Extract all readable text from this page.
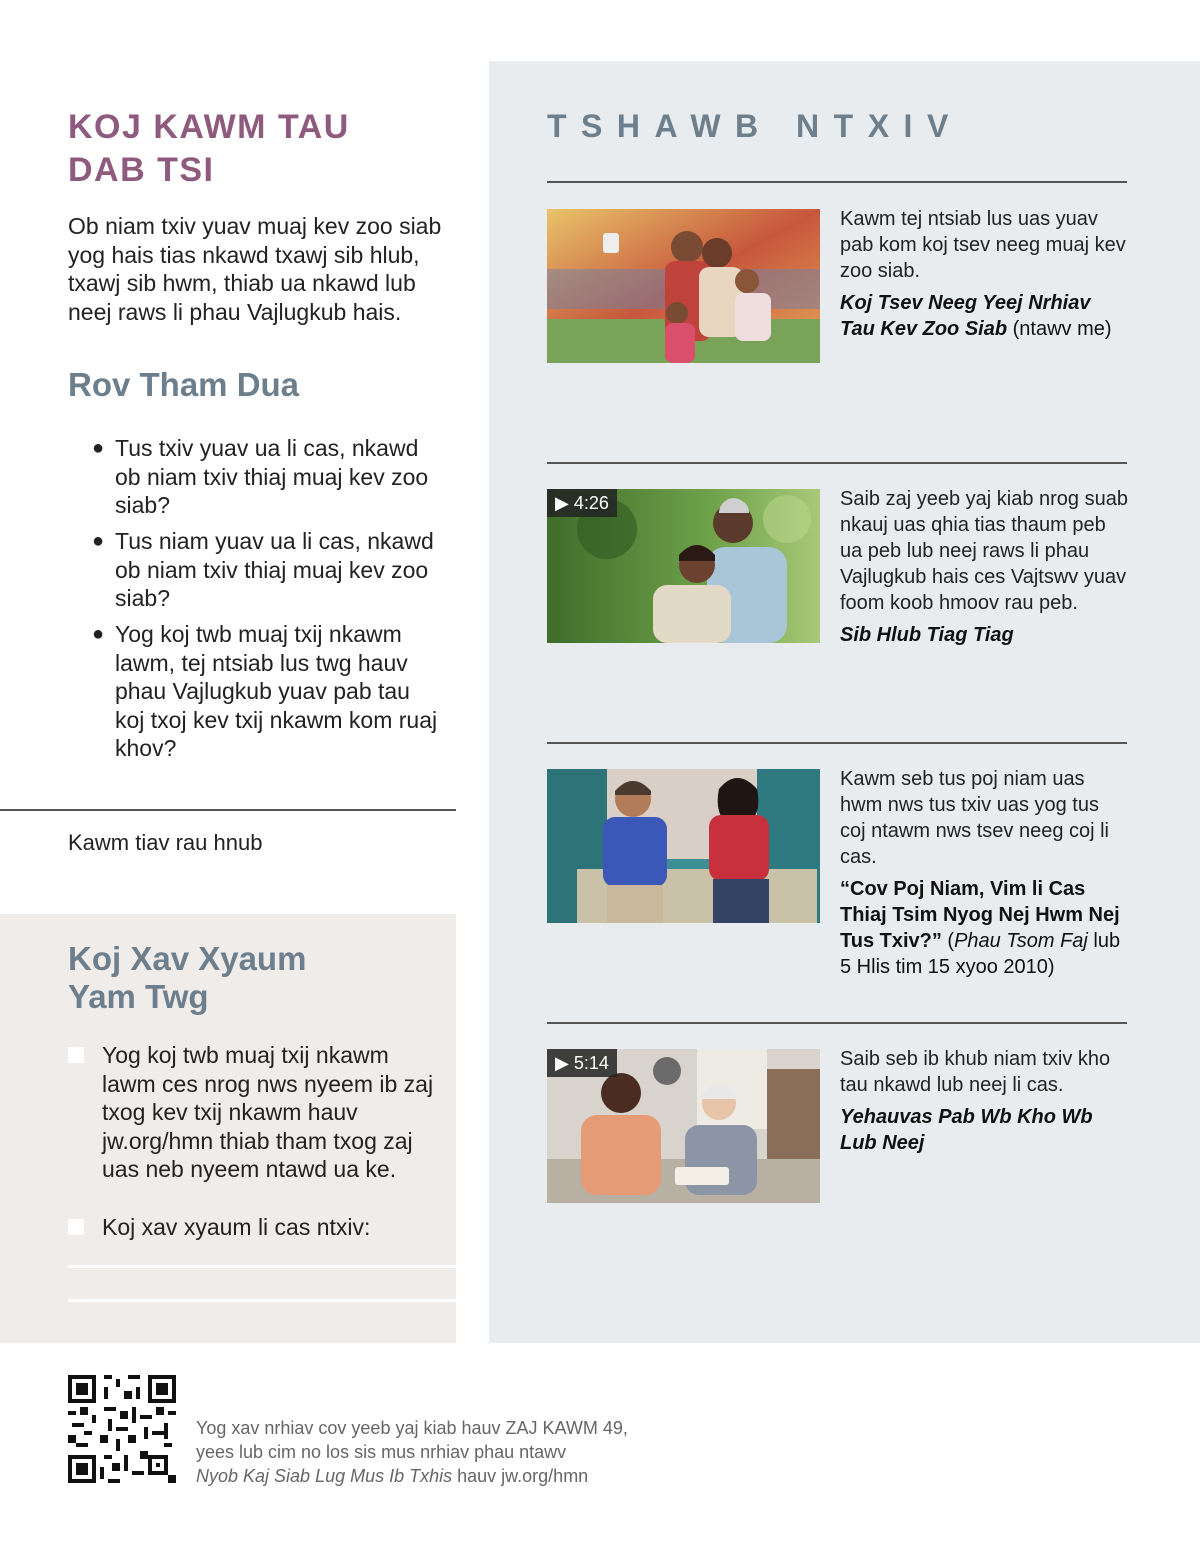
KOJ KAWM TAU
DAB TSI

Ob niam txiv yuav muaj kev zoo siab yog hais tias nkawd txawj sib hlub, txawj sib hwm, thiab ua nkawd lub neej raws li phau Vajlugkub hais.

Rov Tham Dua
● Tus txiv yuav ua li cas, nkawd ob niam txiv thiaj muaj kev zoo siab?
● Tus niam yuav ua li cas, nkawd ob niam txiv thiaj muaj kev zoo siab?
● Yog koj twb muaj txij nkawm lawm, tej ntsiab lus twg hauv phau Vajlugkub yuav pab tau koj txoj kev txij nkawm kom ruaj khov?
Kawm tiav rau hnub
Koj Xav Xyaum
Yam Twg
Yog koj twb muaj txij nkawm lawm ces nrog nws nyeem ib zaj txog kev txij nkawm hauv jw.org/hmn thiab tham txog zaj uas neb nyeem ntawd ua ke.
Koj xav xyaum li cas ntxiv:
TSHAWB NTXIV

Kawm tej ntsiab lus uas yuav pab kom koj tsev neeg muaj kev zoo siab.

Koj Tsev Neeg Yeej Nrhiav Tau Kev Zoo Siab (ntawv me)

▶ 4:26	Saib zaj yeeb yaj kiab nrog suab nkauj uas qhia tias thaum peb ua peb lub neej raws li phau Vajlugkub hais ces Vajtswv yuav foom koob hmoov rau peb.

Sib Hlub Tiag Tiag

Kawm seb tus poj niam uas hwm nws tus txiv uas yog tus coj ntawm nws tsev neeg coj li cas.

“Cov Poj Niam, Vim li Cas Thiaj Tsim Nyog Nej Hwm Nej Tus Txiv?” (Phau Tsom Faj lub 5 Hlis tim 15 xyoo 2010)

▶ 5:14	Saib seb ib khub niam txiv kho tau nkawd lub neej li cas.

Yehauvas Pab Wb Kho Wb Lub Neej

Yog xav nrhiav cov yeeb yaj kiab hauv ZAJ KAWM 49,
yees lub cim no los sis mus nrhiav phau ntawv
Nyob Kaj Siab Lug Mus Ib Txhis hauv jw.org/hmn
